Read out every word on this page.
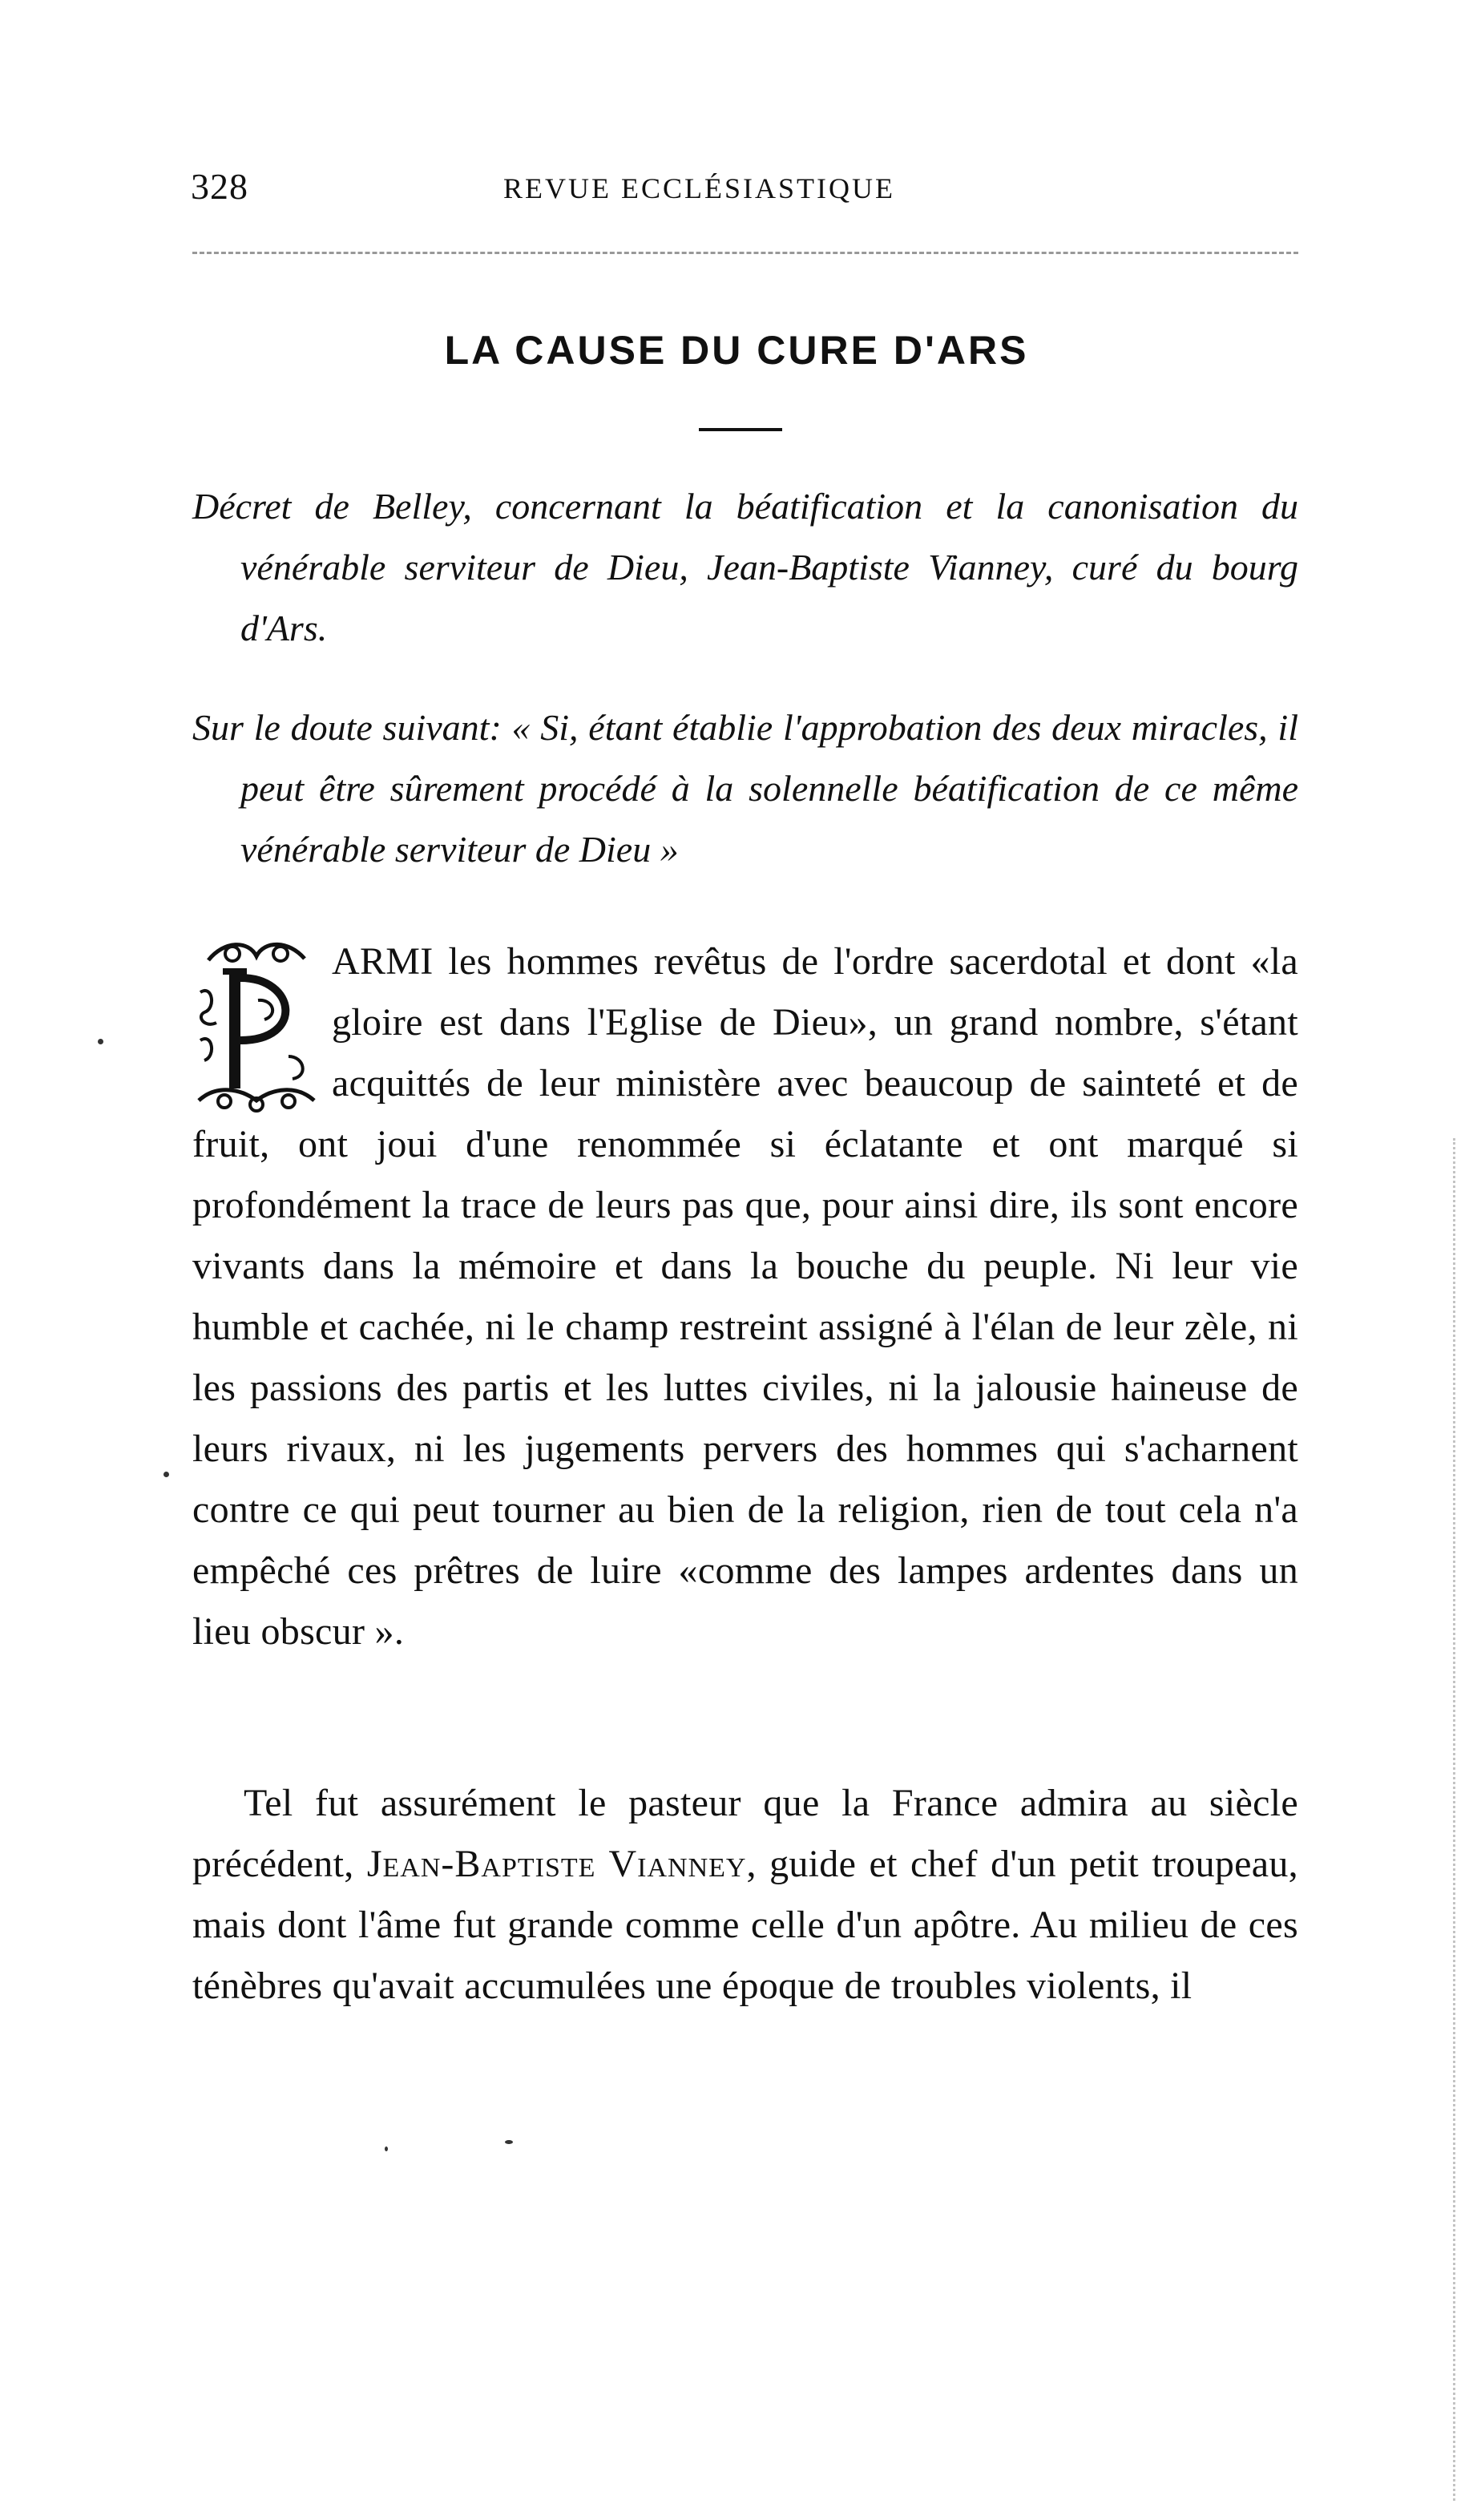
328	REVUE ECCLÉSIASTIQUE
LA CAUSE DU CURE D'ARS
Décret de Belley, concernant la béatification et la canonisation du vénérable serviteur de Dieu, Jean-Baptiste Vianney, curé du bourg d'Ars.
Sur le doute suivant: « Si, étant établie l'approbation des deux miracles, il peut être sûrement procédé à la solennelle béatification de ce même vénérable serviteur de Dieu »
ARMI les hommes revêtus de l'ordre sacerdotal et dont «la gloire est dans l'Eglise de Dieu», un grand nombre, s'étant acquittés de leur ministère avec beaucoup de sainteté et de fruit, ont joui d'une renommée si éclatante et ont marqué si profondément la trace de leurs pas que, pour ainsi dire, ils sont encore vivants dans la mémoire et dans la bouche du peuple. Ni leur vie humble et cachée, ni le champ restreint assigné à l'élan de leur zèle, ni les passions des partis et les luttes civiles, ni la jalousie haineuse de leurs rivaux, ni les jugements pervers des hommes qui s'acharnent contre ce qui peut tourner au bien de la religion, rien de tout cela n'a empêché ces prêtres de luire «comme des lampes ardentes dans un lieu obscur ».
Tel fut assurément le pasteur que la France admira au siècle précédent, Jean-Baptiste Vianney, guide et chef d'un petit troupeau, mais dont l'âme fut grande comme celle d'un apôtre. Au milieu de ces ténèbres qu'avait accumulées une époque de troubles violents, il
